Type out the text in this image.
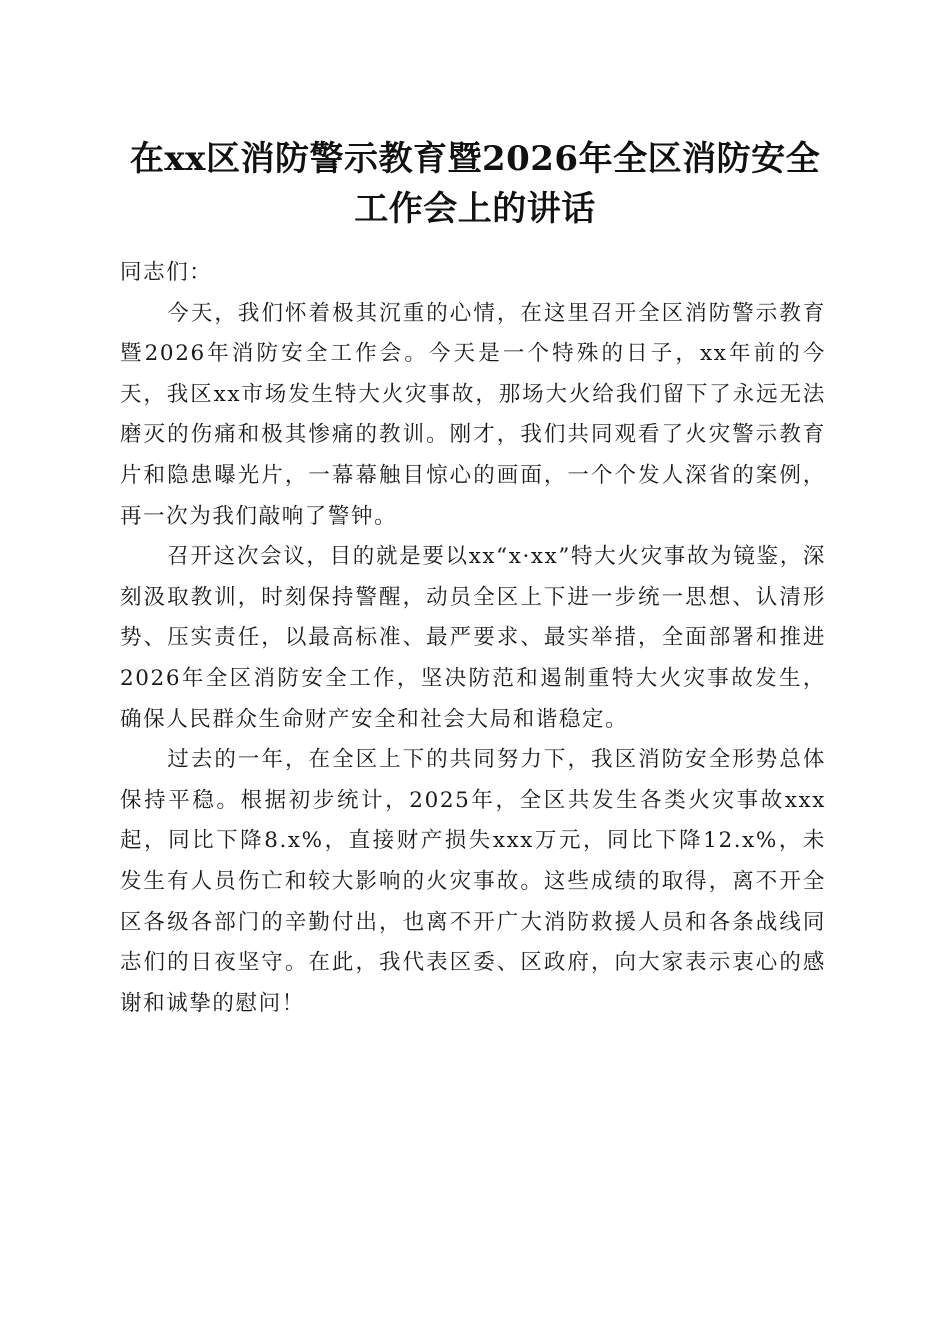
在xx区消防警示教育暨2026年全区消防安全
工作会上的讲话

同志们：

今天，我们怀着极其沉重的心情，在这里召开全区消防警示教育暨2026年消防安全工作会。今天是一个特殊的日子，xx年前的今天，我区xx市场发生特大火灾事故，那场大火给我们留下了永远无法磨灭的伤痛和极其惨痛的教训。刚才，我们共同观看了火灾警示教育片和隐患曝光片，一幕幕触目惊心的画面，一个个发人深省的案例，再一次为我们敲响了警钟。

召开这次会议，目的就是要以xx“x·xx”特大火灾事故为镜鉴，深刻汲取教训，时刻保持警醒，动员全区上下进一步统一思想、认清形势、压实责任，以最高标准、最严要求、最实举措，全面部署和推进2026年全区消防安全工作，坚决防范和遏制重特大火灾事故发生，确保人民群众生命财产安全和社会大局和谐稳定。

过去的一年，在全区上下的共同努力下，我区消防安全形势总体保持平稳。根据初步统计，2025年，全区共发生各类火灾事故xxx起，同比下降8.x%，直接财产损失xxx万元，同比下降12.x%，未发生有人员伤亡和较大影响的火灾事故。这些成绩的取得，离不开全区各级各部门的辛勤付出，也离不开广大消防救援人员和各条战线同志们的日夜坚守。在此，我代表区委、区政府，向大家表示衷心的感谢和诚挚的慰问！
